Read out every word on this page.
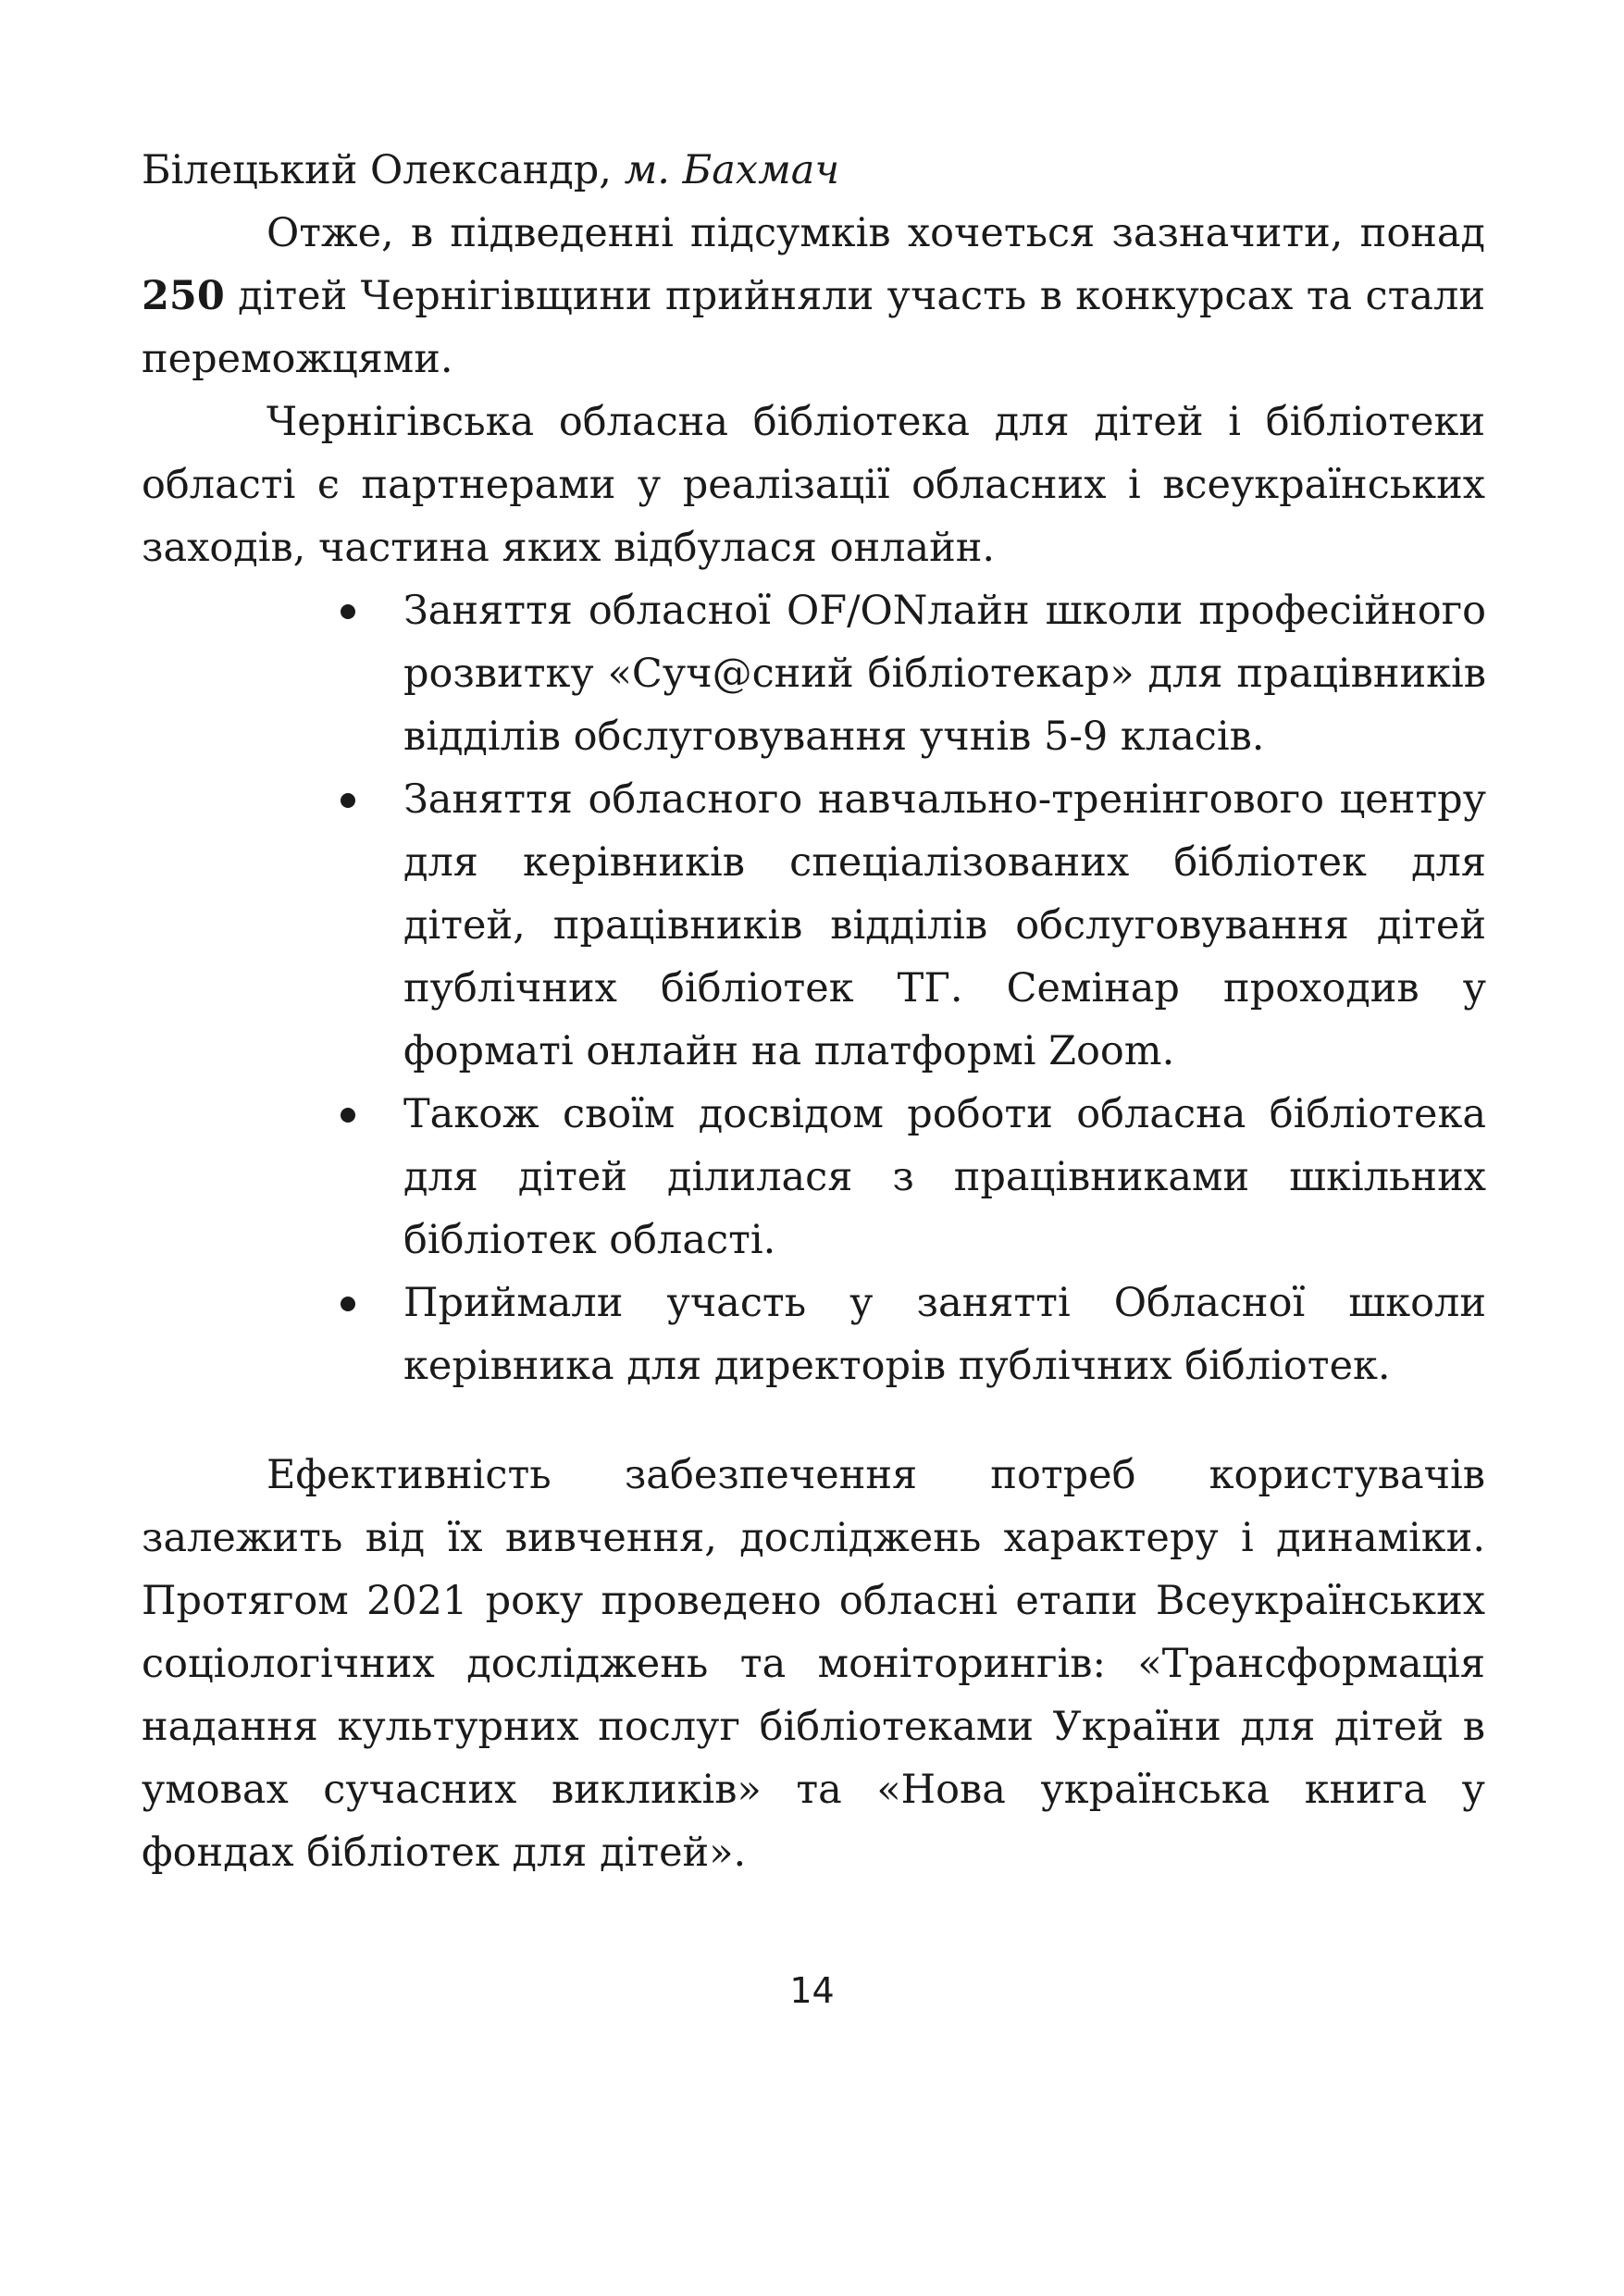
Білецький Олександр, м. Бахмач

Отже, в підведенні підсумків хочеться зазначити, понад 250 дітей Чернігівщини прийняли участь в конкурсах та стали переможцями.

Чернігівська обласна бібліотека для дітей і бібліотеки області є партнерами у реалізації обласних і всеукраїнських заходів, частина яких відбулася онлайн.

Заняття обласної OF/ONлайн школи професійного розвитку «Суч@сний бібліотекар» для працівників відділів обслуговування учнів 5-9 класів.
Заняття обласного навчально-тренінгового центру для керівників спеціалізованих бібліотек для дітей, працівників відділів обслуговування дітей публічних бібліотек ТГ. Семінар проходив у форматі онлайн на платформі Zoom.
Також своїм досвідом роботи обласна бібліотека для дітей ділилася з працівниками шкільних бібліотек області.
Приймали участь у занятті Обласної школи керівника для директорів публічних бібліотек.

Ефективність забезпечення потреб користувачів залежить від їх вивчення, досліджень характеру і динаміки. Протягом 2021 року проведено обласні етапи Всеукраїнських соціологічних досліджень та моніторингів: «Трансформація надання культурних послуг бібліотеками України для дітей в умовах сучасних викликів» та «Нова українська книга у фондах бібліотек для дітей».

14
